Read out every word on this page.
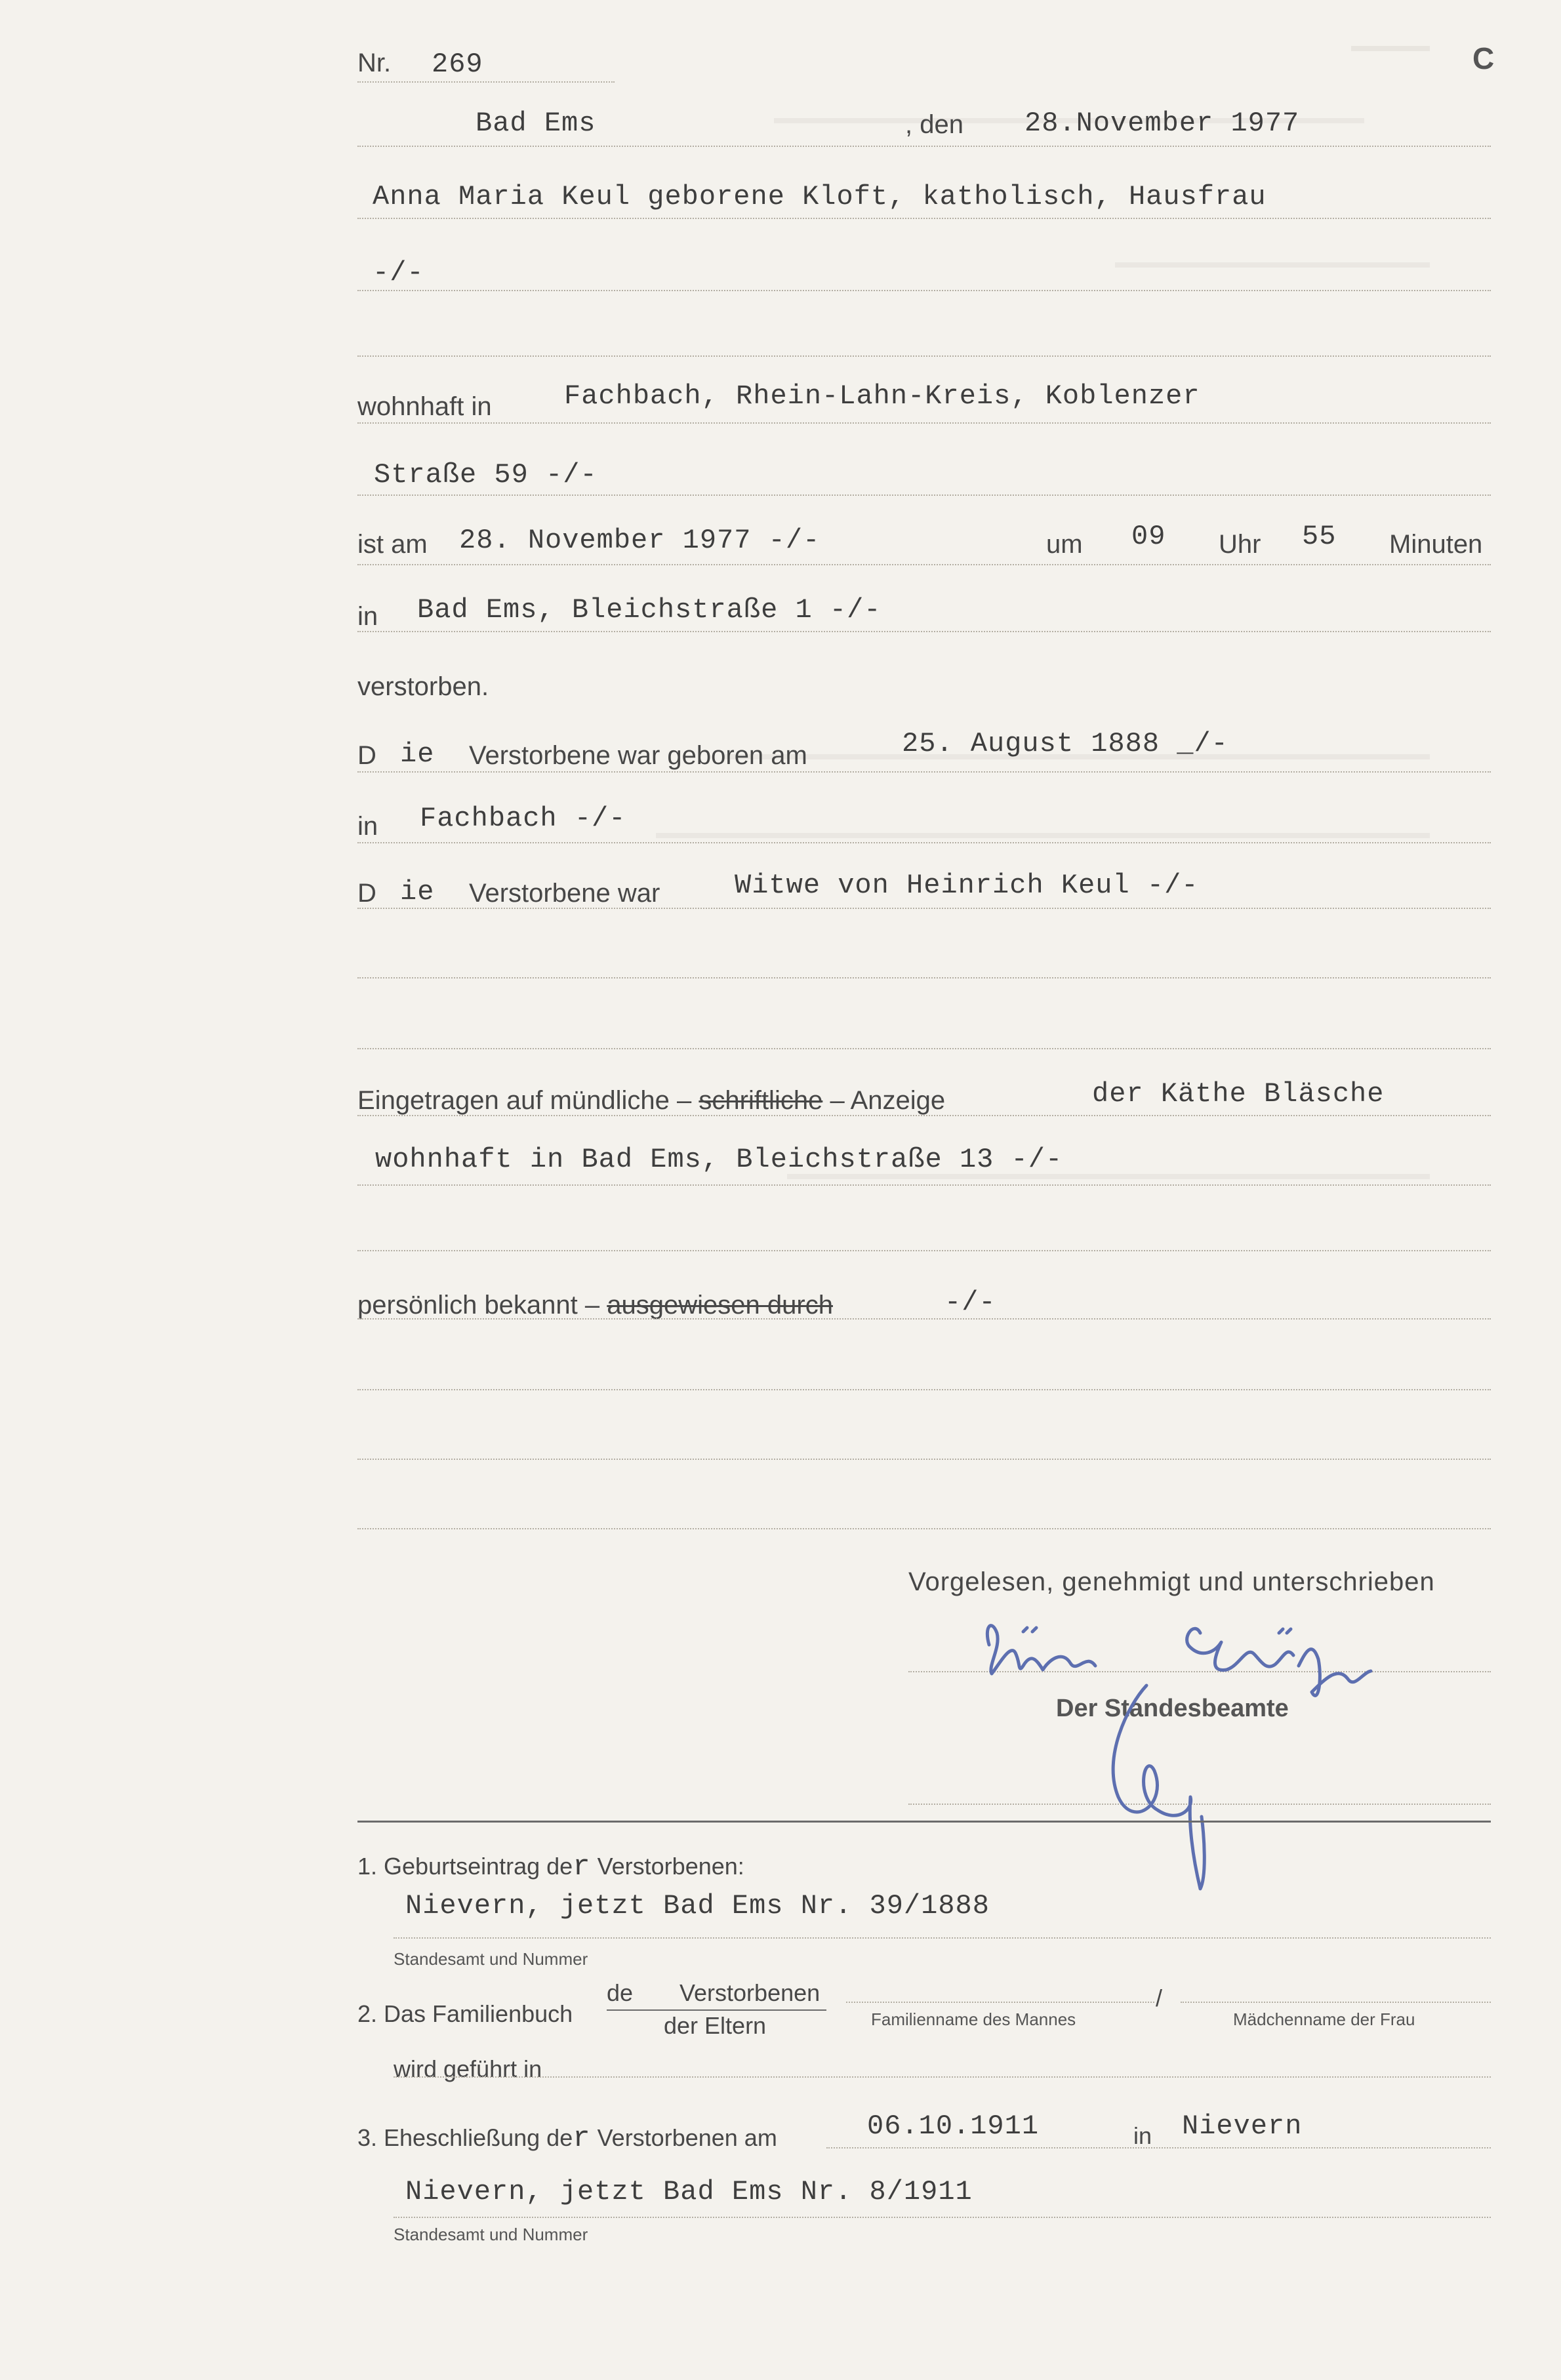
C
Nr. 269
Bad Ems	, den 28.November 1977
Anna Maria Keul geborene Kloft, katholisch, Hausfrau
-/-
wohnhaft in	Fachbach, Rhein-Lahn-Kreis, Koblenzer
Straße 59 -/-
ist am 28. November 1977 -/-	um 09 Uhr 55 Minuten
in Bad Ems, Bleichstraße 1 -/-
verstorben.
D ie Verstorbene war geboren am	25. August 1888 _/-
in Fachbach -/-
D ie Verstorbene war	Witwe von Heinrich Keul -/-
Eingetragen auf mündliche – schriftliche – Anzeige	der Käthe Bläsche
wohnhaft in Bad Ems, Bleichstraße 13 -/-
persönlich bekannt – ausgewiesen durch	-/-
Vorgelesen, genehmigt und unterschrieben
Der Standesbeamte
1. Geburtseintrag der Verstorbenen:
Nievern, jetzt Bad Ems Nr. 39/1888
Standesamt und Nummer
2. Das Familienbuch
de Verstorbenen
der Eltern	Familienname des Mannes
/
Mädchenname der Frau
wird geführt in
3. Eheschließung der Verstorbenen am	06.10.1911	in Nievern
Nievern, jetzt Bad Ems Nr. 8/1911
Standesamt und Nummer
